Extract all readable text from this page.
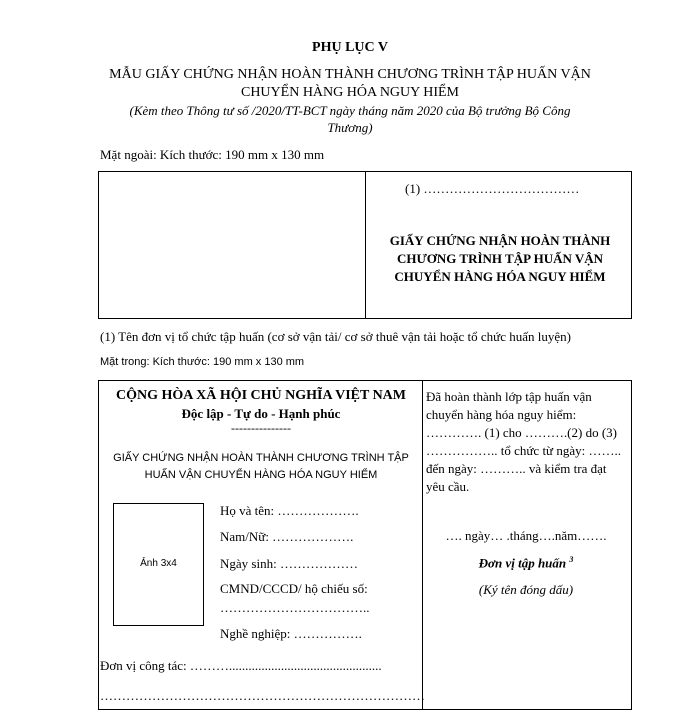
PHỤ LỤC V
MẪU GIẤY CHỨNG NHẬN HOÀN THÀNH CHƯƠNG TRÌNH TẬP HUẤN VẬN CHUYỂN HÀNG HÓA NGUY HIỂM
(Kèm theo Thông tư số /2020/TT-BCT ngày tháng năm 2020 của Bộ trưởng Bộ Công Thương)
Mặt ngoài: Kích thước: 190 mm x 130 mm
(1) ………………………………
GIẤY CHỨNG NHẬN HOÀN THÀNH CHƯƠNG TRÌNH TẬP HUẤN VẬN CHUYỂN HÀNG HÓA NGUY HIỂM
(1) Tên đơn vị tổ chức tập huấn (cơ sở vận tải/ cơ sở thuê vận tải hoặc tổ chức huấn luyện)
Mặt trong: Kích thước: 190 mm x 130 mm
CỘNG HÒA XÃ HỘI CHỦ NGHĨA VIỆT NAM
Độc lập - Tự do - Hạnh phúc
---------------
GIẤY CHỨNG NHẬN HOÀN THÀNH CHƯƠNG TRÌNH TẬP HUẤN VẬN CHUYỂN HÀNG HÓA NGUY HIỂM
Ảnh 3x4
Họ và tên: ……………….
Nam/Nữ: ……………….
Ngày sinh: ………………
CMND/CCCD/ hộ chiếu số:
……………………………..
Nghề nghiệp: …………….
Đơn vị công tác: ………...............................................
…………………………………………………………………
Đã hoàn thành lớp tập huấn vận chuyển hàng hóa nguy hiểm: …………. (1) cho ……….(2) do (3) …………….. tổ chức từ ngày: …….. đến ngày: ……….. và kiểm tra đạt yêu cầu.
…. ngày… .tháng….năm…….
Đơn vị tập huấn $^3$
(Ký tên đóng dấu)
